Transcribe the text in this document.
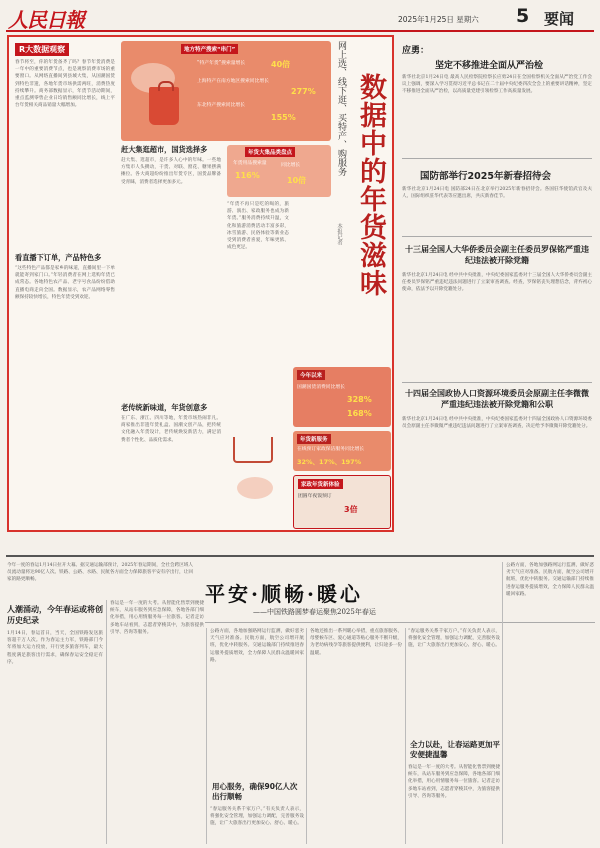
人民日報	2025年1月25日 星期六 5 要闻
R大数据观察
春节将至，你的年货备齐了吗？春节年货消费是一年中的重要消费节点，也是观察消费市场的重要窗口。从网络直播间到县城大集，从国潮国货到特色非遗，各地年货市场供需两旺，消费热度持续攀升。商务部数据显示，年货节活动期间，重点监测零售企业日均销售额同比增长，线上平台年货相关商品销量大幅增加。
看直播下订单，产品特色多
“这些特色产品都是家乡的味道，直播间里一下单就能寄到家门口。”年轻消费者在网上选购年货已成常态。各地特色农产品、老字号食品纷纷借助直播电商走向全国。数据显示，农产品网络零售额保持较快增长，特色年货受到欢迎。
地方特产搜索“串门”
“特产年货”搜索量增长	40倍
上海特产在南方地区搜索同比增长
277%
东北特产搜索同比增长
155%
赶大集逛超市，国货选择多
赶大集、逛超市，是许多人心中的年味。一些地方集市人头攒动，干货、对联、窗花、糖果摆满摊位。各大商超纷纷推出年货专区，国货品牌备受青睐，消费者选择更加多元。
老传统新味道，年货创意多
在广东、浙江、四川等地，年货市场热闹非凡。商家推出非遗年货礼盒、国潮文创产品，把传统文化融入年货设计，老传统焕发新活力，满足消费者个性化、品质化需求。
年货大集品类盘点
年货用品搜索量
116%
同比增长
10倍
“年货不再只是吃的喝的，旅游、演出、家政服务也成为新年货。”服务消费持续升温，文化和旅游消费活动丰富多彩，冰雪旅游、民俗体验等新业态受到消费者喜爱，年味更浓、成色更足。
今年以来
国潮国货消费同比增长
328%
168%
年货新服务
在线预订家政保洁服务同比增长
32%、17%、197%
家政年货新体验
团圆年夜饭预订
3倍
数据中的年货滋味
网上选、线下逛、买特产、购服务
本报记者
应勇：
坚定不移推进全面从严治检
新华社北京1月24日电 最高人民检察院检察长应勇24日在全国检察机关全面从严治党工作会议上强调，要深入学习贯彻习近平总书记在二十届中央纪委四次全会上的重要讲话精神，坚定不移推进全面从严治检，以高质量党建引领检察工作高质量发展。
国防部举行2025年新春招待会
新华社北京1月24日电 国防部24日在北京举行2025年新春招待会。各国驻华使馆武官及夫人、国际组织驻华代表等应邀出席，共庆新春佳节。
十三届全国人大华侨委员会副主任委员罗保铭严重违纪违法被开除党籍
新华社北京1月24日电 经中共中央批准，中央纪委国家监委对十三届全国人大华侨委员会副主任委员罗保铭严重违纪违法问题进行了立案审查调查。经查，罗保铭丧失理想信念，背弃初心使命，依法予以开除党籍处分。
十四届全国政协人口资源环境委员会原副主任李微微严重违纪违法被开除党籍和公职
新华社北京1月24日电 经中共中央批准，中央纪委国家监委对十四届全国政协人口资源环境委员会原副主任李微微严重违纪违法问题进行了立案审查调查，决定给予李微微开除党籍处分。
今年一度的春运1月14日拉开大幕。据交通运输部预计，2025年春运期间，全社会跨区域人员流动量将达90亿人次。铁路、公路、水路、民航各方面全力保障旅客平安有序出行，让回家的路更顺畅。
平安·顺畅·暖心
——中国铁路圆梦春运聚焦2025年春运
人潮涌动，今年春运或将创历史纪录
1月14日，春运首日，当天，全国铁路发送旅客超千万人次。作为春运主力军，铁路部门今年将加大运力投放，开行更多旅客列车，最大程度满足旅客出行需求，确保春运安全稳定有序。
春运是一年一度的大考。从智能化售票到便捷候车，从站车服务到应急保障，各地各部门细化举措，用心用情服务每一位旅客。记者走访多地车站看到，志愿者穿梭其中，为旅客提供引导、咨询等服务。	公路方面，各地加强路网运行监测，做好恶劣天气应对准备。民航方面，航空公司增开航班，优化中转服务。交通运输部门持续推进春运服务提质增效，全力保障人民群众温暖回家路。
用心服务，确保90亿人次出行顺畅
“春运服务关系千家万户。”有关负责人表示，将强化安全管理，加强运力调配，完善服务设施，让广大旅客出行更加安心、舒心、暖心。
各地还推出一系列暖心举措，重点旅客服务、母婴候车区、爱心通道等贴心服务不断升级，为老幼病残孕等旅客提供便利，让归途多一份温暖。
全力以赴，让春运路更加平安便捷温馨
“春运服务关系千家万户。”有关负责人表示，将强化安全管理，加强运力调配，完善服务设施，让广大旅客出行更加安心、舒心、暖心。
春运是一年一度的大考。从智能化售票到便捷候车，从站车服务到应急保障，各地各部门细化举措，用心用情服务每一位旅客。记者走访多地车站看到，志愿者穿梭其中，为旅客提供引导、咨询等服务。
公路方面，各地加强路网运行监测，做好恶劣天气应对准备。民航方面，航空公司增开航班，优化中转服务。交通运输部门持续推进春运服务提质增效，全力保障人民群众温暖回家路。
